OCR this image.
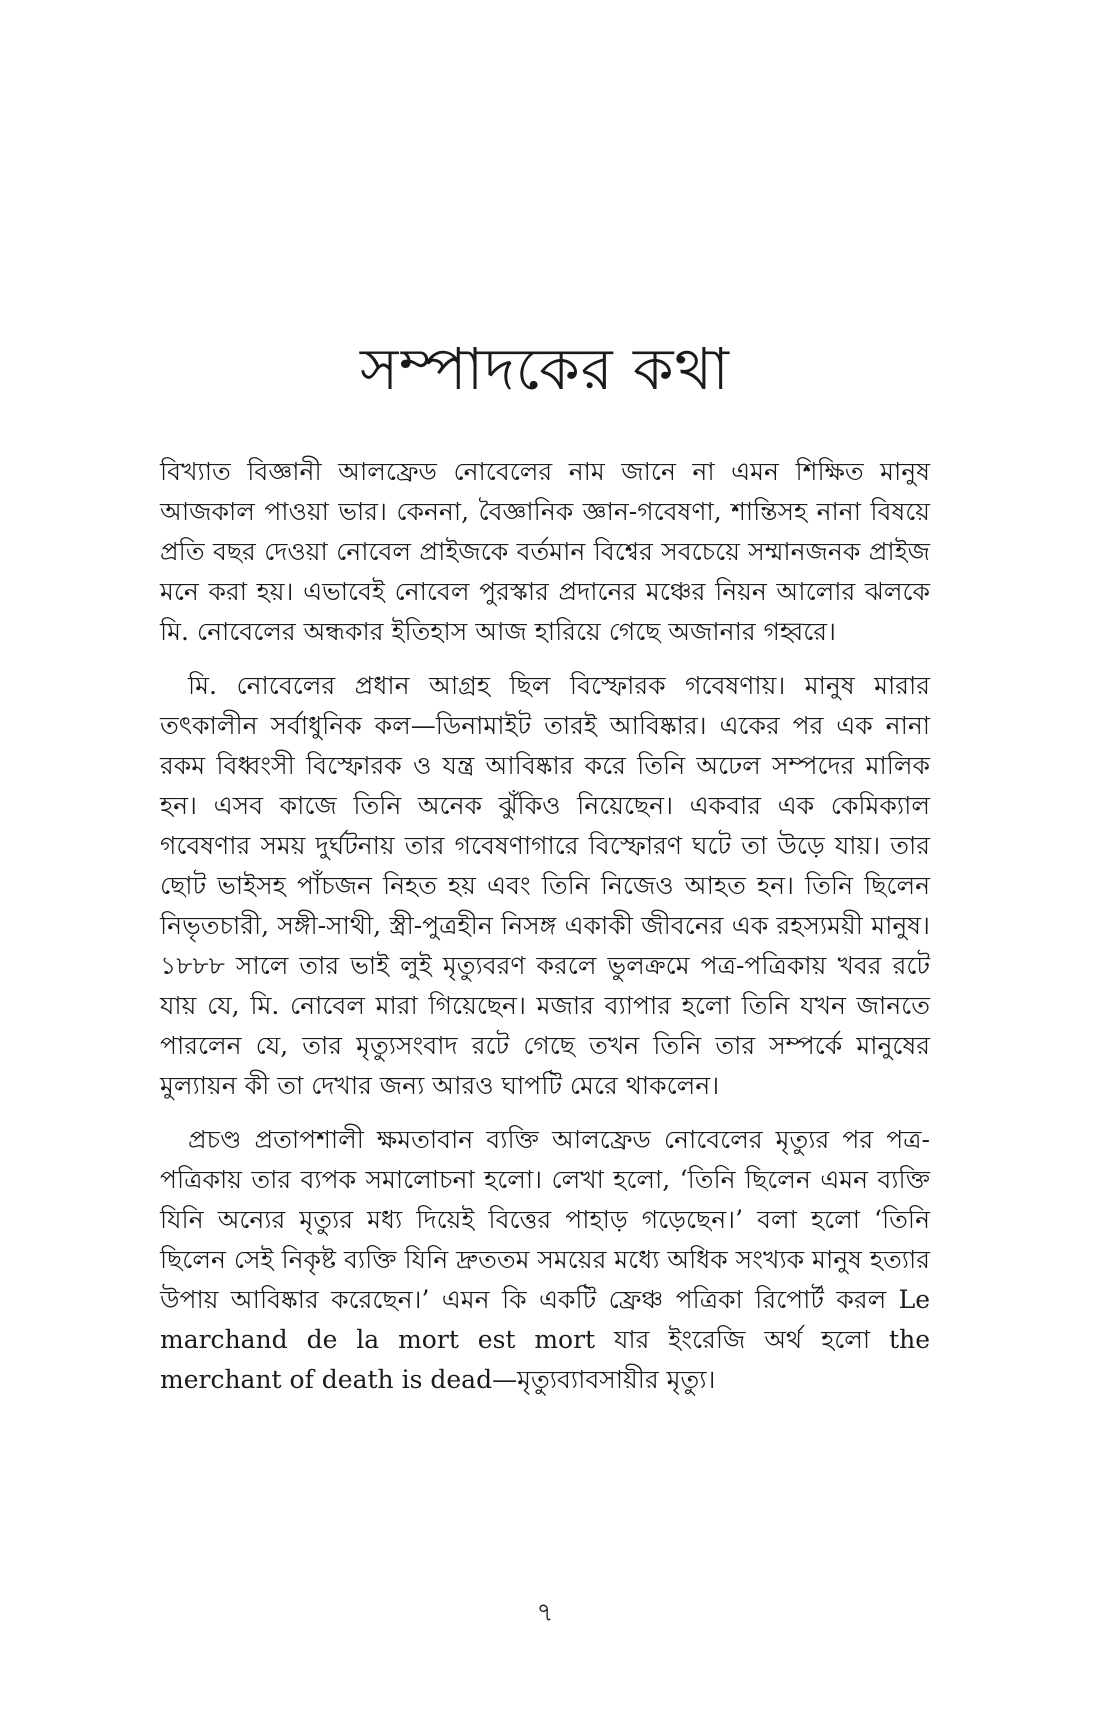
সম্পাদকের কথা

বিখ্যাত বিজ্ঞানী আলফ্রেড নোবেলের নাম জানে না এমন শিক্ষিত মানুষ আজকাল পাওয়া ভার। কেননা, বৈজ্ঞানিক জ্ঞান-গবেষণা, শান্তিসহ নানা বিষয়ে প্রতি বছর দেওয়া নোবেল প্রাইজকে বর্তমান বিশ্বের সবচেয়ে সম্মানজনক প্রাইজ মনে করা হয়। এভাবেই নোবেল পুরস্কার প্রদানের মঞ্চের নিয়ন আলোর ঝলকে মি. নোবেলের অন্ধকার ইতিহাস আজ হারিয়ে গেছে অজানার গহ্বরে।

মি. নোবেলের প্রধান আগ্রহ ছিল বিস্ফোরক গবেষণায়। মানুষ মারার তৎকালীন সর্বাধুনিক কল—ডিনামাইট তারই আবিষ্কার। একের পর এক নানা রকম বিধ্বংসী বিস্ফোরক ও যন্ত্র আবিষ্কার করে তিনি অঢেল সম্পদের মালিক হন। এসব কাজে তিনি অনেক ঝুঁকিও নিয়েছেন। একবার এক কেমিক্যাল গবেষণার সময় দুর্ঘটনায় তার গবেষণাগারে বিস্ফোরণ ঘটে তা উড়ে যায়। তার ছোট ভাইসহ পাঁচজন নিহত হয় এবং তিনি নিজেও আহত হন। তিনি ছিলেন নিভৃতচারী, সঙ্গী-সাথী, স্ত্রী-পুত্রহীন নিসঙ্গ একাকী জীবনের এক রহস্যময়ী মানুষ। ১৮৮৮ সালে তার ভাই লুই মৃত্যুবরণ করলে ভুলক্রমে পত্র-পত্রিকায় খবর রটে যায় যে, মি. নোবেল মারা গিয়েছেন। মজার ব্যাপার হলো তিনি যখন জানতে পারলেন যে, তার মৃত্যুসংবাদ রটে গেছে তখন তিনি তার সম্পর্কে মানুষের মুল্যায়ন কী তা দেখার জন্য আরও ঘাপটি মেরে থাকলেন।

প্রচণ্ড প্রতাপশালী ক্ষমতাবান ব্যক্তি আলফ্রেড নোবেলের মৃত্যুর পর পত্র-পত্রিকায় তার ব্যপক সমালোচনা হলো। লেখা হলো, ‘তিনি ছিলেন এমন ব্যক্তি যিনি অন্যের মৃত্যুর মধ্য দিয়েই বিত্তের পাহাড় গড়েছেন।’ বলা হলো ‘তিনি ছিলেন সেই নিকৃষ্ট ব্যক্তি যিনি দ্রুততম সময়ের মধ্যে অধিক সংখ্যক মানুষ হত্যার উপায় আবিষ্কার করেছেন।’ এমন কি একটি ফ্রেঞ্চ পত্রিকা রিপোর্ট করল Le marchand de la mort est mort যার ইংরেজি অর্থ হলো the merchant of death is dead—মৃত্যুব্যাবসায়ীর মৃত্যু।

৭
